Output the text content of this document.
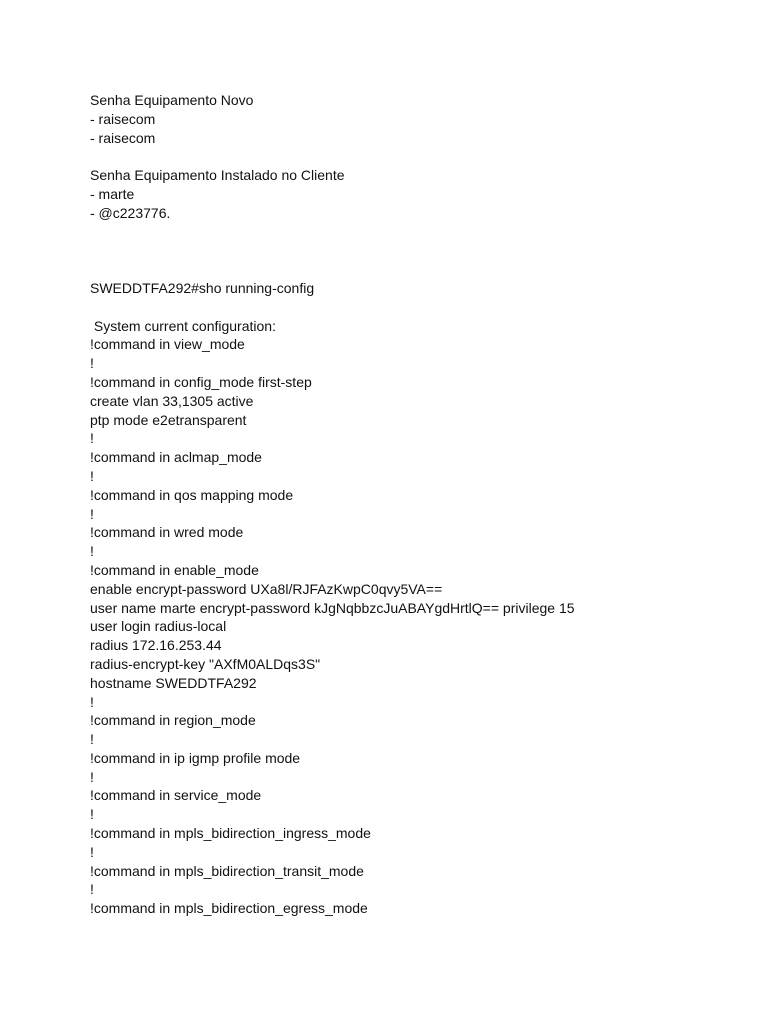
Senha Equipamento Novo
- raisecom
- raisecom
Senha Equipamento Instalado no Cliente
- marte
- @c223776.
SWEDDTFA292#sho running-config
System current configuration:
!command in view_mode
!
!command in config_mode first-step
create vlan 33,1305 active
ptp mode e2etransparent
!
!command in aclmap_mode
!
!command in qos mapping mode
!
!command in wred mode
!
!command in enable_mode
enable encrypt-password UXa8l/RJFAzKwpC0qvy5VA==
user name marte encrypt-password kJgNqbbzcJuABAYgdHrtlQ== privilege 15
user login radius-local
radius 172.16.253.44
radius-encrypt-key "AXfM0ALDqs3S"
hostname SWEDDTFA292
!
!command in region_mode
!
!command in ip igmp profile mode
!
!command in service_mode
!
!command in mpls_bidirection_ingress_mode
!
!command in mpls_bidirection_transit_mode
!
!command in mpls_bidirection_egress_mode
